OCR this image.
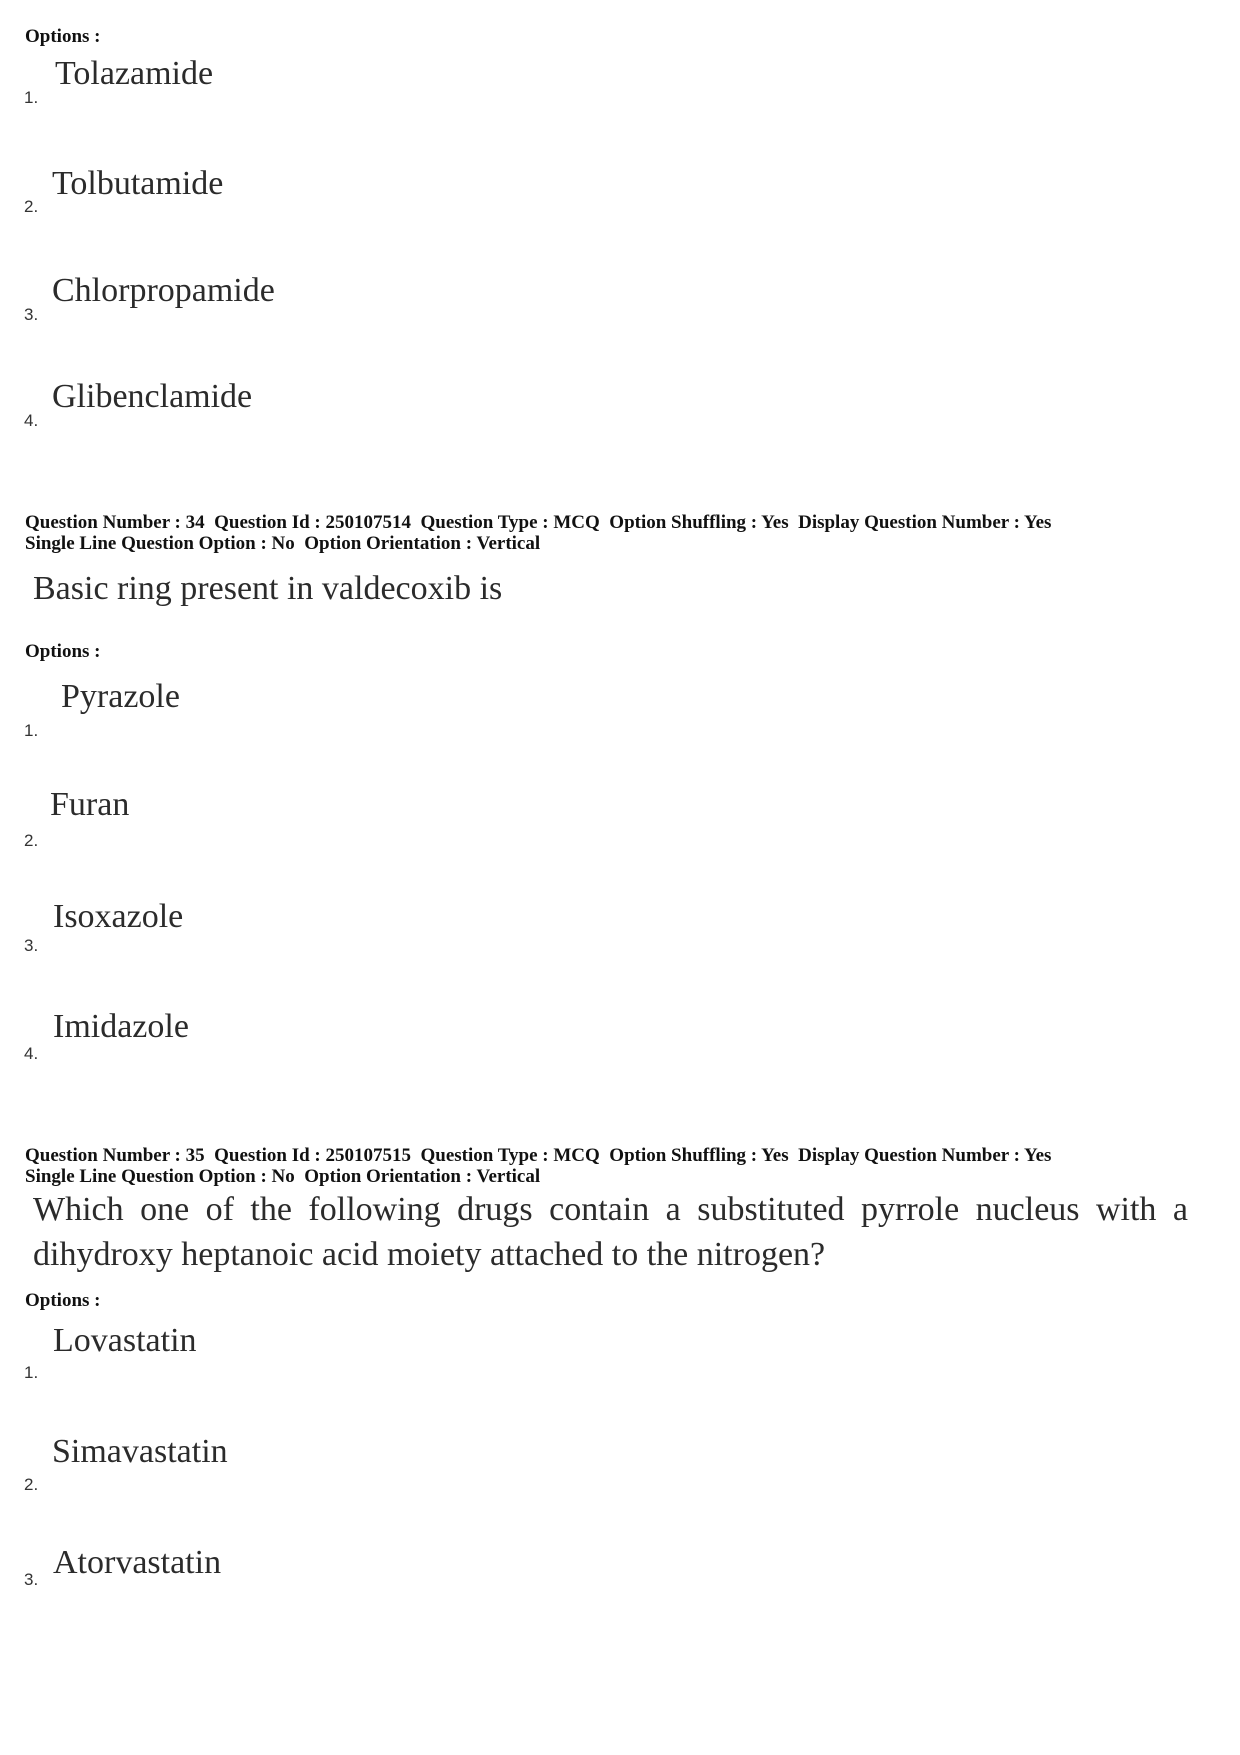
Options :
1.
Tolazamide
2.
Tolbutamide
3.
Chlorpropamide
4.
Glibenclamide
Question Number : 34  Question Id : 250107514  Question Type : MCQ  Option Shuffling : Yes  Display Question Number : Yes
Single Line Question Option : No  Option Orientation : Vertical
Basic ring present in valdecoxib is
Options :
1.
Pyrazole
2.
Furan
3.
Isoxazole
4.
Imidazole
Question Number : 35  Question Id : 250107515  Question Type : MCQ  Option Shuffling : Yes  Display Question Number : Yes
Single Line Question Option : No  Option Orientation : Vertical
Which one of the following drugs contain a substituted pyrrole nucleus with a
dihydroxy heptanoic acid moiety attached to the nitrogen?
Options :
1.
Lovastatin
2.
Simavastatin
3. Atorvastatin
